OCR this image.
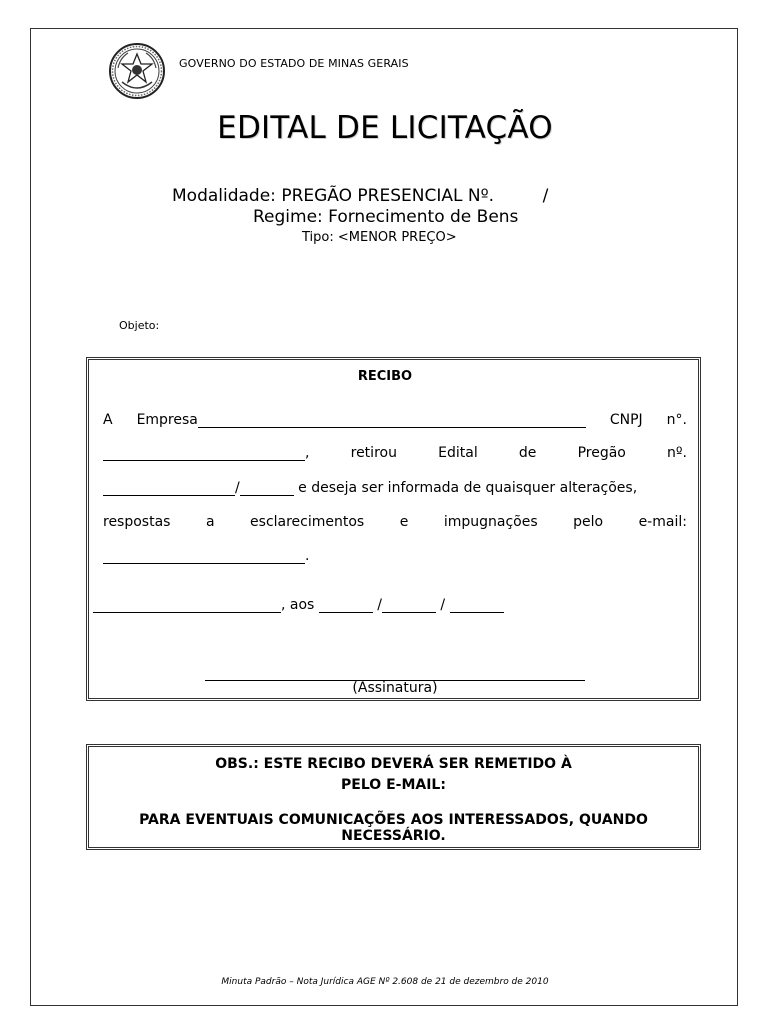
GOVERNO DO ESTADO DE MINAS GERAIS
EDITAL DE LICITAÇÃO
Modalidade: PREGÃO PRESENCIAL Nº.         /
Regime: Fornecimento de Bens
Tipo: <MENOR PREÇO>
Objeto:
RECIBO
A Empresa	CNPJ n°.
,	retirou	Edital	de	Pregão	nº.
/	e deseja ser informada de quaisquer alterações,
respostas	a	esclarecimentos	e	impugnações	pelo	e-mail:
.
, aos	/	/
(Assinatura)
OBS.: ESTE RECIBO DEVERÁ SER REMETIDO À
PELO E-MAIL:
PARA EVENTUAIS COMUNICAÇÕES AOS INTERESSADOS, QUANDO
NECESSÁRIO.
Minuta Padrão – Nota Jurídica AGE Nº 2.608 de 21 de dezembro de 2010
